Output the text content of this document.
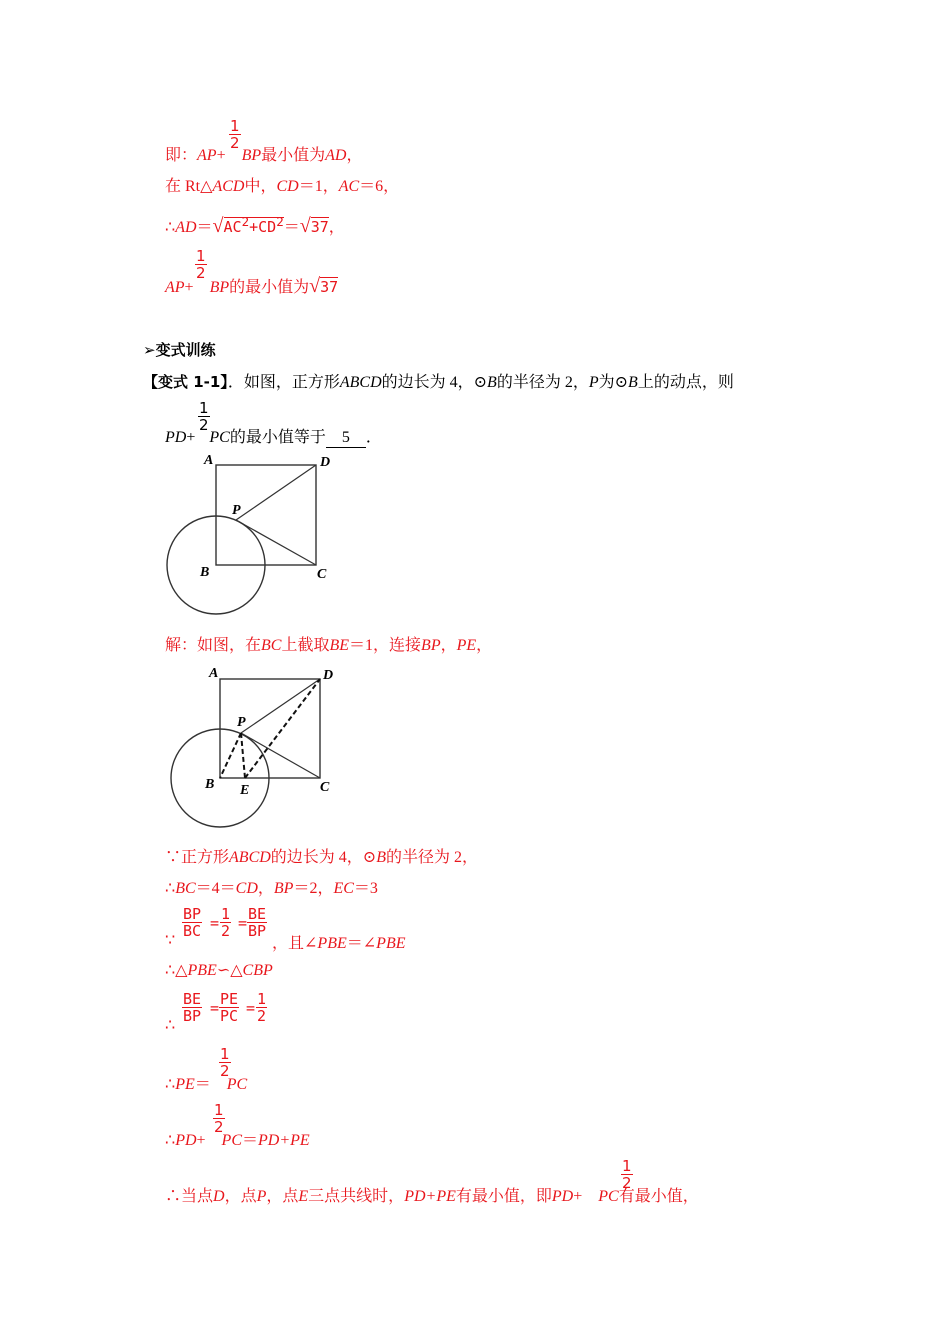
即：AP+ BP最小值为AD，
$\frac{1}{2}$
在 Rt△ACD中，CD＝1，AC＝6，
$\therefore AD=√AC^2+CD^2=√37$，
AP+ BP的最小值为√37
$\frac{1}{2}$
➢变式训练
【变式 1-1】．如图，正方形ABCD的边长为 4，⊙B的半径为 2，P为⊙B上的动点，则
PD+ PC的最小值等于 5 ．
$\frac{1}{2}$
A	D
P
B	C
解：如图，在BC上截取BE＝1，连接BP，PE，
A	D
P
B E	C
∵正方形ABCD的边长为 4，⊙B的半径为 2，
∴BC＝4＝CD，BP＝2，EC＝3
∵
$\frac{BP}{BC} = \frac{1}{2} = \frac{BE}{BP}$
，且∠PBE＝∠PBE
∴△PBE∽△CBP
∴
$\frac{BE}{BP} = \frac{PE}{PC} = \frac{1}{2}$
∴PE＝ PC
$\frac{1}{2}$
∴PD+ PC＝PD+PE
$\frac{1}{2}$
∴当点D，点P，点E三点共线时，PD+PE有最小值，即PD+ PC有最小值，
$\frac{1}{2}$
